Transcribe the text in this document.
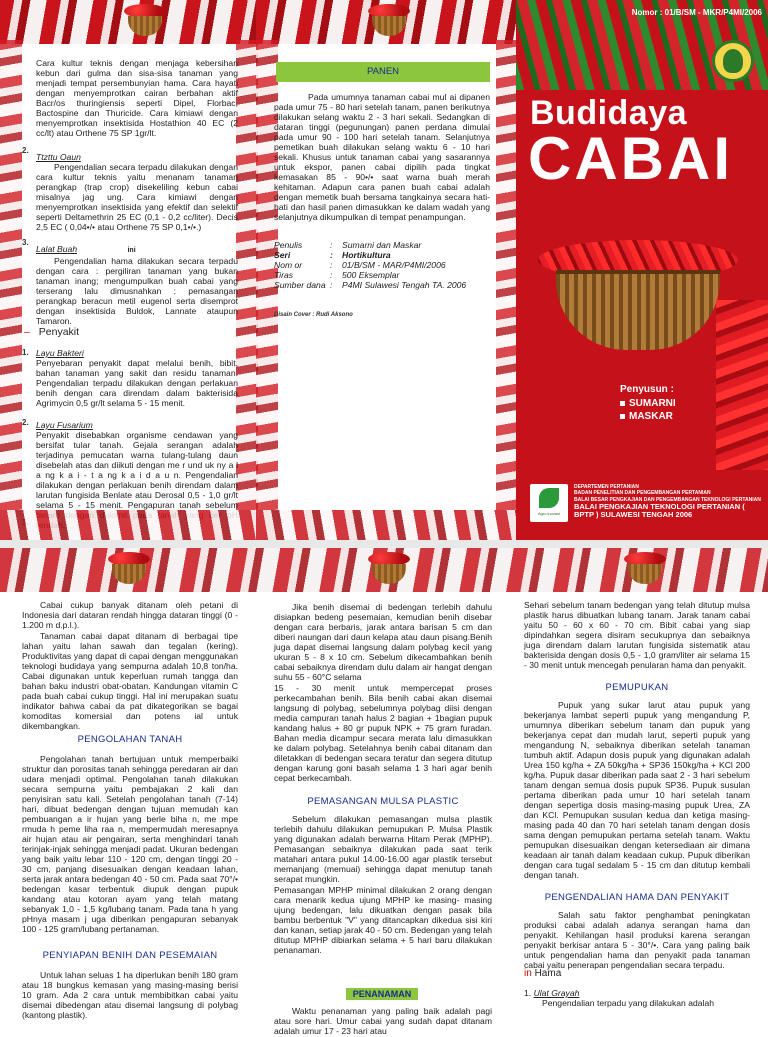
Cara kultur teknis dengan menjaga kebersihan kebun dari gulma dan sisa-sisa tanaman yang menjadi tempat persembunyian hama. Cara hayati dengan menyemprotkan cairan berbahan aktif Bacr/os thuringiensis seperti Dipel, Florbac, Bactospine dan Thuricide. Cara kimiawi dengan menyemprotkan insektisida Hostathion 40 EC (2 cc/lt) atau Orthene 75 SP 1gr/lt.
2.
Ttzttu Oaun

Pengendalian secara terpadu dilakukan dengan cara kultur teknis yaitu menanam tanaman perangkap (trap crop) disekeliling kebun cabai misalnya jag ung. Cara kimiawi dengan menyemprotkan insektisida yang efektif dan selektif seperti Deltamethrin 25 EC (0,1 - 0,2 cc/liter). Decis 2,5 EC ( 0,04•/• atau Orthene 75 SP 0,1•/•.)

3.
Lalat Buah	ini

Pengendalian hama dilakukan secara terpadu dengan cara : pergiliran tanaman yang bukan tanaman inang; mengumpulkan buah cabai yang terserang lalu dimusnahkan : pemasangan perangkap beracun metil eugenol serta disemprot dengan insektisida Buldok, Lannate ataupun Tamaron.

– Penyakit
1. Layu Bakteri

Penyebaran penyakit dapat melalui benih, bibit, bahan tanaman yang sakit dan residu tanaman. Pengendalian terpadu dilakukan dengan perlakuan benih dengan cara direndam dalam bakterisida Agrimycin 0,5 gr/lt selama 5 - 15 menit.

2. Layu Fusarium

Penyakit disebabkan organisme cendawan yang bersifat tular tanah. Gejala serangan adalah terjadinya pemucatan warna tulang-tulang daun disebelah atas dan diikuti dengan me r und uk ny a l a ng k a i - t a ng k a i d a u n. Pengendalian dilakukan dengan perlakuan benih direndam dalam larutan fungisida Benlate atau Derosal 0,5 - 1,0 gr/lt selama 5 - 15 menit. Pengapuran tanah sebelum

PANEN

Pada umumnya tanaman cabai mul ai dipanen pada umur 75 - 80 hari setelah tanam, panen berikutnya dilakukan selang waktu 2 - 3 hari sekali. Sedangkan di dataran tinggi (pegunungan) panen perdana dimulai pada umur 90 - 100 hari setelah tanam. Selanjutnya pemetikan buah dilakukan selang waktu 6 - 10 hari sekali. Khusus untuk tanaman cabai yang sasarannya untuk ekspor, panen cabai dipilih pada tingkat kemasakan 85 - 90•/• saat warna buah merah kehitaman. Adapun cara panen buah cabai adalah dengan memetik buah bersama tangkainya secara hati-hati dan hasil panen dimasukkan ke dalam wadah yang selanjutnya dikumpulkan di tempat penampungan.

Penulis	:	Sumarni dan Maskar
Seri	:	Hortikultura
Nom or	:	01/B/SM - MAR/P4MI/2006
Tiras	:	500 Eksemplar
Sumber dana :	P4MI Sulawesi Tengah TA. 2006
Disain Cover : Rudi Aksono
Nomor : 01/B/SM - MKR/P4MI/2006
Budidaya
CABAI
Penyusun :
SUMARNI
MASKAR
Agro inovasi
DEPARTEMEN PERTANIAN
BADAN PENELITIAN DAN PENGEMBANGAN PERTANIAN
BALAI BESAR PENGKAJIAN DAN PENGEMBANGAN TEKNOLOGI PERTANIAN
BALAI PENGKAJIAN TEKNOLOGI PERTANIAN ( BPTP ) SULAWESI TENGAH 2006

Cabai cukup banyak ditanam oleh petani di Indonesia dari dataran rendah hingga dataran tinggi (0 - 1.200 m d.p.l.).

Tanaman cabai dapat ditanam di berbagai tipe lahan yaitu lahan sawah dan tegalan (kering). Produktivitas yang dapat di capai dengan menggunakan teknologi budidaya yang sempurna adalah 10,8 ton/ha. Cabai digunakan untuk keperluan rumah tangga dan bahan baku industri obat-obatan. Kandungan vitamin C pada buah cabai cukup tinggi. Hal ini merupakan suatu indikator bahwa cabai da pat dikategorikan se bagai komoditas komersial dan potens ial untuk dikembangkan.

PENGOLAHAN TANAH

Pengolahan tanah bertujuan untuk memperbaiki struktur dan porositas tanah sehingga peredaran air dan udara menjadi optimal. Pengolahan tanah dilakukan secara sempurna yaitu pembajakan 2 kali dan penyisiran satu kali. Setelah pengolahan tanah (7-14) hari, dibuat bedengan dengan tujuan memudah kan pembuangan a ir hujan yang berle biha n, me mpe rmuda h peme liha raa n, mempermudah meresapnya air hujan atau air pengairan, serta menghindari tanah terinjak-injak sehingga menjadi padat. Ukuran bedengan yang baik yaitu lebar 110 - 120 cm, dengan tinggi 20 - 30 cm, panjang disesuaikan dengan keadaan lahan, serta jarak antara bedengan 40 - 50 cm. Pada saat 70°/• bedengan kasar terbentuk diupuk dengan pupuk kandang atau kotoran ayam yang telah matang sebanyak 1,0 - 1,5 kg/lubang tanam. Pada tana h yang pHnya masam j uga diberikan pengapuran sebanyak 100 - 125 gram/lubang pertanaman.

PENYIAPAN BENIH DAN PESEMAIAN

Untuk lahan seluas 1 ha diperlukan benih 180 gram atau 18 bungkus kemasan yang masing-masing berisi 10 gram. Ada 2 cara untuk membibitkan cabai yaitu disemai dibedengan atau disemai langsung di polybag (kantong plastik).

Jika benih disemai di bedengan terlebih dahulu disiapkan bedeng pesemaian, kemudian benih disebar dengan cara berbaris, jarak antara barisan 5 cm dan diberi naungan dari daun kelapa atau daun pisang.Benih juga dapat disemai langsung dalam polybag kecil yang ukuran 5 - 8 x 10 cm. Sebelum dikecambahkan benih cabai sebaiknya direndam dulu dalam air hangat dengan suhu 55 - 60°C selama

15 - 30 menit untuk mempercepat proses perkecambahan benih. Bila benih cabai akan disemai langsung di polybag, sebelumnya polybag diisi dengan media campuran tanah halus 2 bagian + 1bagian pupuk kandang halus + 80 gr pupuk NPK + 75 gram furadan. Bahan media dicampur secara merata lalu dimasukkan ke dalam polybag. Setelahnya benih cabai ditanam dan diletakkan di bedengan secara teratur dan segera ditutup dengan karung goni basah selama 1 3 hari agar benih cepat berkecambah.

PEMASANGAN MULSA PLASTIC

Sebelum dilakukan pemasangan mulsa plastik terlebih dahulu dilakukan pemupukan P. Mulsa Plastik yang digunakan adalah berwarna Hitam Perak (MPHP). Pemasangan sebaiknya dilakukan pada saat terik matahari antara pukul 14.00-16.00 agar plastik tersebut memanjang (memuai) sehingga dapat menutup tanah serapat mungkin.

Pemasangan MPHP minimal dilakukan 2 orang dengan cara menarik kedua ujung MPHP ke masing- masing ujung bedengan, lalu dikuatkan dengan pasak bila bambu berbentuk "V" yang ditancapkan dikedua sisi kiri dan kanan, setiap jarak 40 - 50 cm. Bedengan yang telah ditutup MPHP dibiarkan selama + 5 hari baru dilakukan penanaman.

PENANAMAN

Waktu penanaman yang paling baik adalah pagi atau sore hari. Umur cabai yang sudah dapat ditanam adalah umur 17 - 23 hari atau

Sehari sebelum tanam bedengan yang telah ditutup mulsa plastik harus dibuatkan lubang tanam. Jarak tanam cabai yaitu 50 - 60 x 60 - 70 cm. Bibit cabai yang siap dipindahkan segera disiram secukupnya dan sebaiknya juga direndam dalam larutan fungisida sistematik atau bakterisida dengan dosis 0,5 - 1,0 gram/liter air selama 15 - 30 menit untuk mencegah penularan hama dan penyakit.

PEMUPUKAN

Pupuk yang sukar larut atau pupuk yang bekerjanya lambat seperti pupuk yang mengandung P, umumnya diberikan sebelum tanam dan pupuk yang bekerjanya cepat dan mudah larut, seperti pupuk yang mengandung N, sebaiknya diberikan setelah tanaman tumbuh aktif. Adapun dosis pupuk yang digunakan adalah Urea 150 kg/ha + ZA 50kg/ha + SP36 150kg/ha + KCl 200 kg/ha. Pupuk dasar diberikan pada saat 2 - 3 hari sebelum tanam dengan semua dosis pupuk SP36. Pupuk susulan pertama diberikan pada umur 10 hari setelah tanam dengan sepertiga dosis masing-masing pupuk Urea, ZA dan KCl. Pemupukan susulan kedua dan ketiga masing- masing pada 40 dan 70 hari setelah tanam dengan dosis sama dengan pemupukan pertama setelah tanam. Waktu pemupukan disesuaikan dengan ketersediaan air dimana keadaan air tanah dalam keadaan cukup. Pupuk diberikan dengan cara tugal sedalam 5 - 15 cm dan ditutup kembali dengan tanah.

PENGENDALIAN HAMA DAN PENYAKIT

Salah satu faktor penghambat peningkatan produksi cabai adalah adanya serangan hama dan penyakit. Kehilangan hasil produksi karena serangan penyakit berkisar antara 5 - 30°/•. Cara yang paling baik untuk pengendalian hama dan penyakit pada tanaman cabai yaitu penerapan pengendalian secara terpadu.

in Hama
1. Ulat Grayah

Pengendalian terpadu yang dilakukan adalah
